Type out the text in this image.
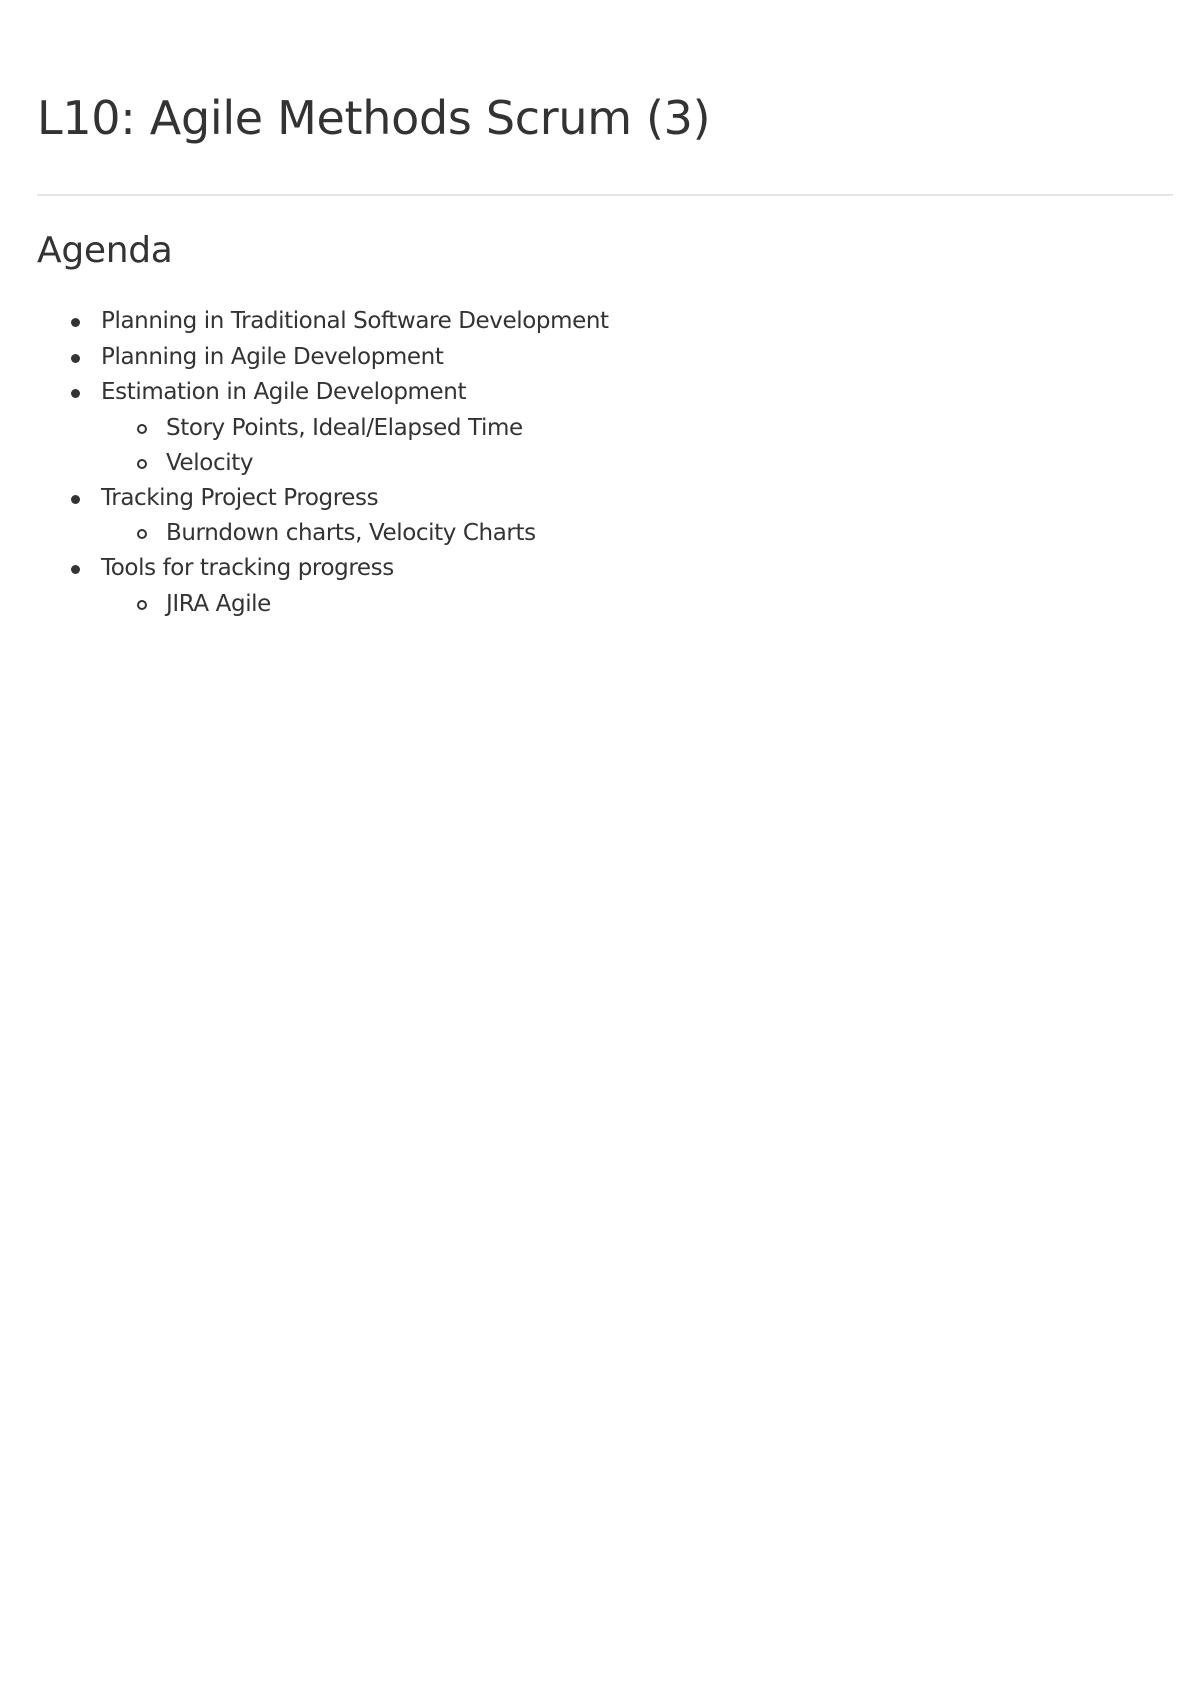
L10: Agile Methods Scrum (3)
Agenda
Planning in Traditional Software Development
Planning in Agile Development
Estimation in Agile Development
Story Points, Ideal/Elapsed Time
Velocity
Tracking Project Progress
Burndown charts, Velocity Charts
Tools for tracking progress
JIRA Agile
